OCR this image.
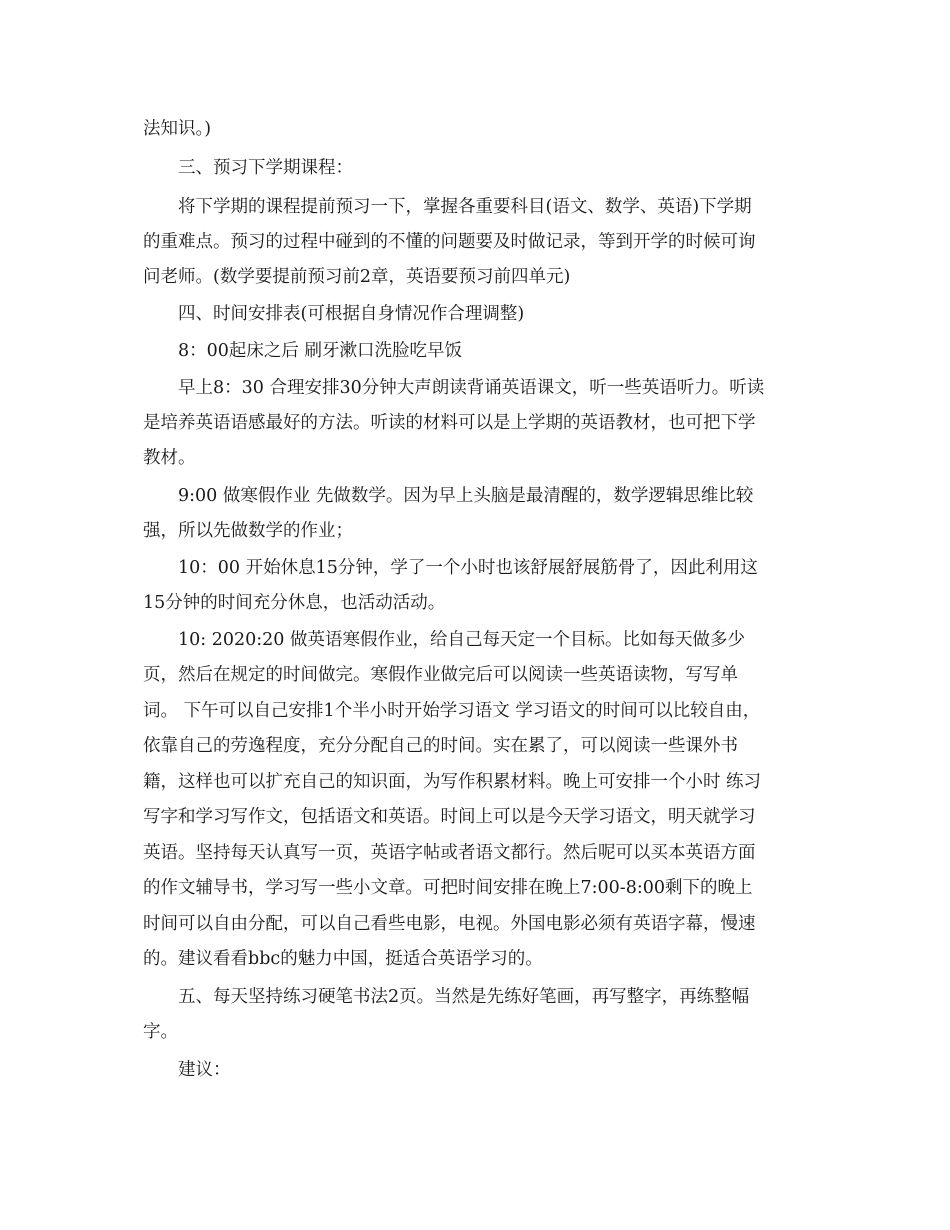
法知识。)

三、预习下学期课程：

将下学期的课程提前预习一下，掌握各重要科目(语文、数学、英语)下学期

的重难点。预习的过程中碰到的不懂的问题要及时做记录，等到开学的时候可询

问老师。(数学要提前预习前2章，英语要预习前四单元)

四、时间安排表(可根据自身情况作合理调整)

8：00起床之后 刷牙漱口洗脸吃早饭

早上8：30 合理安排30分钟大声朗读背诵英语课文，听一些英语听力。听读

是培养英语语感最好的方法。听读的材料可以是上学期的英语教材，也可把下学

教材。

9:00 做寒假作业 先做数学。因为早上头脑是最清醒的，数学逻辑思维比较

强，所以先做数学的作业；

10：00 开始休息15分钟，学了一个小时也该舒展舒展筋骨了，因此利用这

15分钟的时间充分休息，也活动活动。

10: 2020:20 做英语寒假作业，给自己每天定一个目标。比如每天做多少

页，然后在规定的时间做完。寒假作业做完后可以阅读一些英语读物，写写单

词。 下午可以自己安排1个半小时开始学习语文 学习语文的时间可以比较自由，

依靠自己的劳逸程度，充分分配自己的时间。实在累了，可以阅读一些课外书

籍，这样也可以扩充自己的知识面，为写作积累材料。晚上可安排一个小时 练习

写字和学习写作文，包括语文和英语。时间上可以是今天学习语文，明天就学习

英语。坚持每天认真写一页，英语字帖或者语文都行。然后呢可以买本英语方面

的作文辅导书，学习写一些小文章。可把时间安排在晚上7:00-8:00剩下的晚上

时间可以自由分配，可以自己看些电影，电视。外国电影必须有英语字幕，慢速

的。建议看看bbc的魅力中国，挺适合英语学习的。

五、每天坚持练习硬笔书法2页。当然是先练好笔画，再写整字，再练整幅

字。

建议：
